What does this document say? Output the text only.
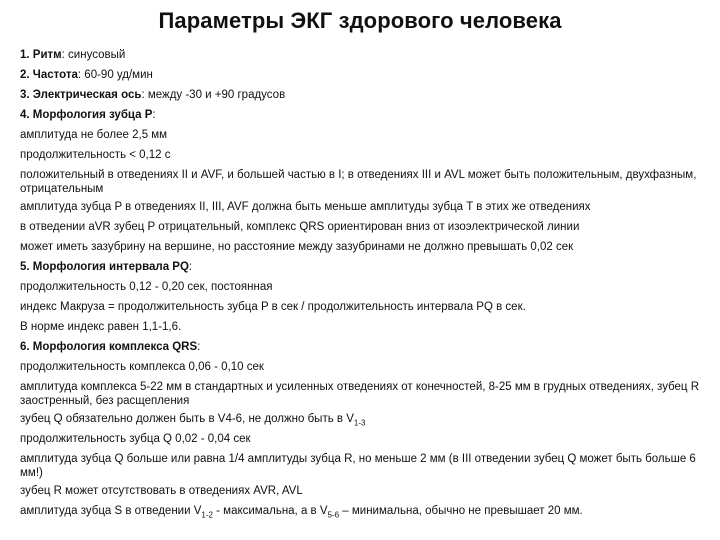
Параметры ЭКГ здорового человека

1. Ритм: синусовый

2. Частота: 60-90 уд/мин

3. Электрическая ось: между -30 и +90 градусов

4. Морфология зубца P:

амплитуда не более 2,5 мм

продолжительность < 0,12 с

положительный в отведениях II и AVF, и большей частью в I; в отведениях III и AVL может быть положительным, двухфазным, отрицательным

амплитуда зубца P в отведениях II, III, AVF должна быть меньше амплитуды зубца T в этих же отведениях

в отведении aVR зубец P отрицательный, комплекс QRS ориентирован вниз от изоэлектрической линии

может иметь зазубрину на вершине, но расстояние между зазубринами не должно превышать 0,02 сек

5. Морфология интервала PQ:

продолжительность 0,12 - 0,20 сек, постоянная

индекс Макруза = продолжительность зубца P в сек / продолжительность интервала PQ в сек.

В норме индекс равен 1,1-1,6.

6. Морфология комплекса QRS:

продолжительность комплекса 0,06 - 0,10 сек

амплитуда комплекса 5-22 мм в стандартных и усиленных отведениях от конечностей, 8-25 мм в грудных отведениях, зубец R заостренный, без расщепления

зубец Q обязательно должен быть в V4-6, не должно быть в $V_{1-3}$

продолжительность зубца Q 0,02 - 0,04 сек

амплитуда зубца Q больше или равна 1/4 амплитуды зубца R, но меньше 2 мм (в III отведении зубец Q может быть больше 6 мм!)

зубец R может отсутствовать в отведениях AVR, AVL

амплитуда зубца S в отведении $V_{1-2}$ - максимальна, а в $V_{5-6}$ – минимальна, обычно не превышает 20 мм.
